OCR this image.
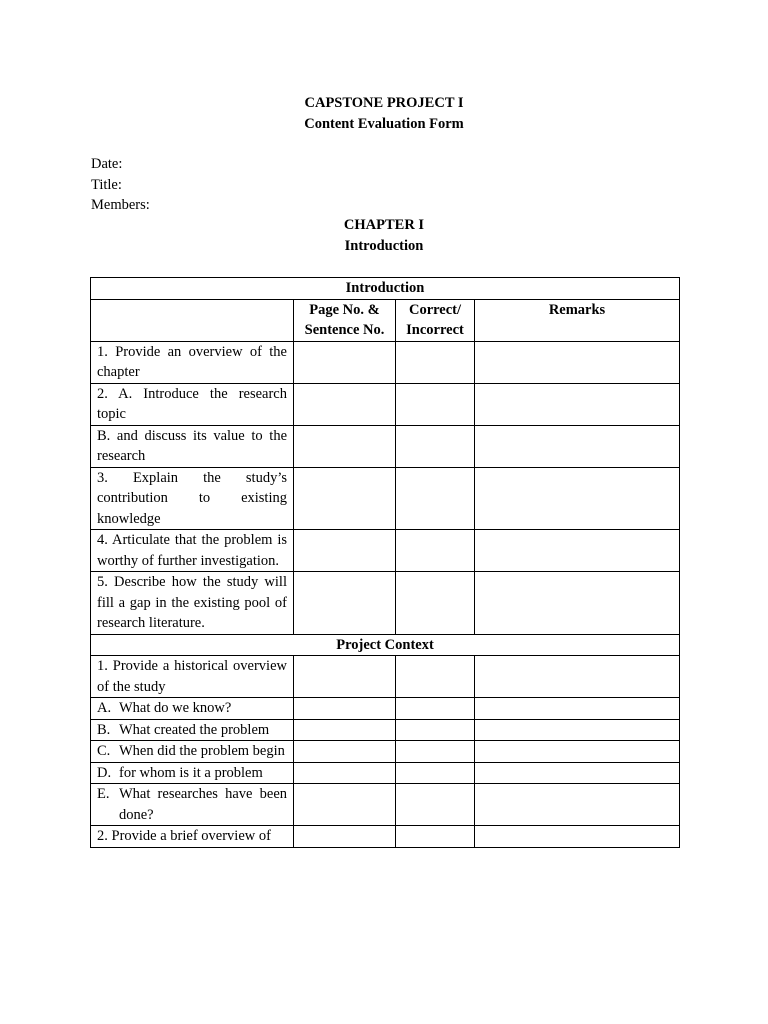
CAPSTONE PROJECT I
Content Evaluation Form
Date:
Title:
Members:
CHAPTER I
Introduction
Introduction			
	Page No. & Sentence No.	Correct/ Incorrect	Remarks
1. Provide an overview of the chapter			
2. A. Introduce the research topic			
B. and discuss its value to the research			
3. Explain the study’s contribution to existing knowledge			
4. Articulate that the problem is worthy of further investigation.			
5. Describe how the study will fill a gap in the existing pool of research literature.			
Project Context			
1. Provide a historical overview of the study			
A. What do we know?			
B. What created the problem			
C. When did the problem begin			
D. for whom is it a problem			
E. What researches have been done?			
2. Provide a brief overview of			
